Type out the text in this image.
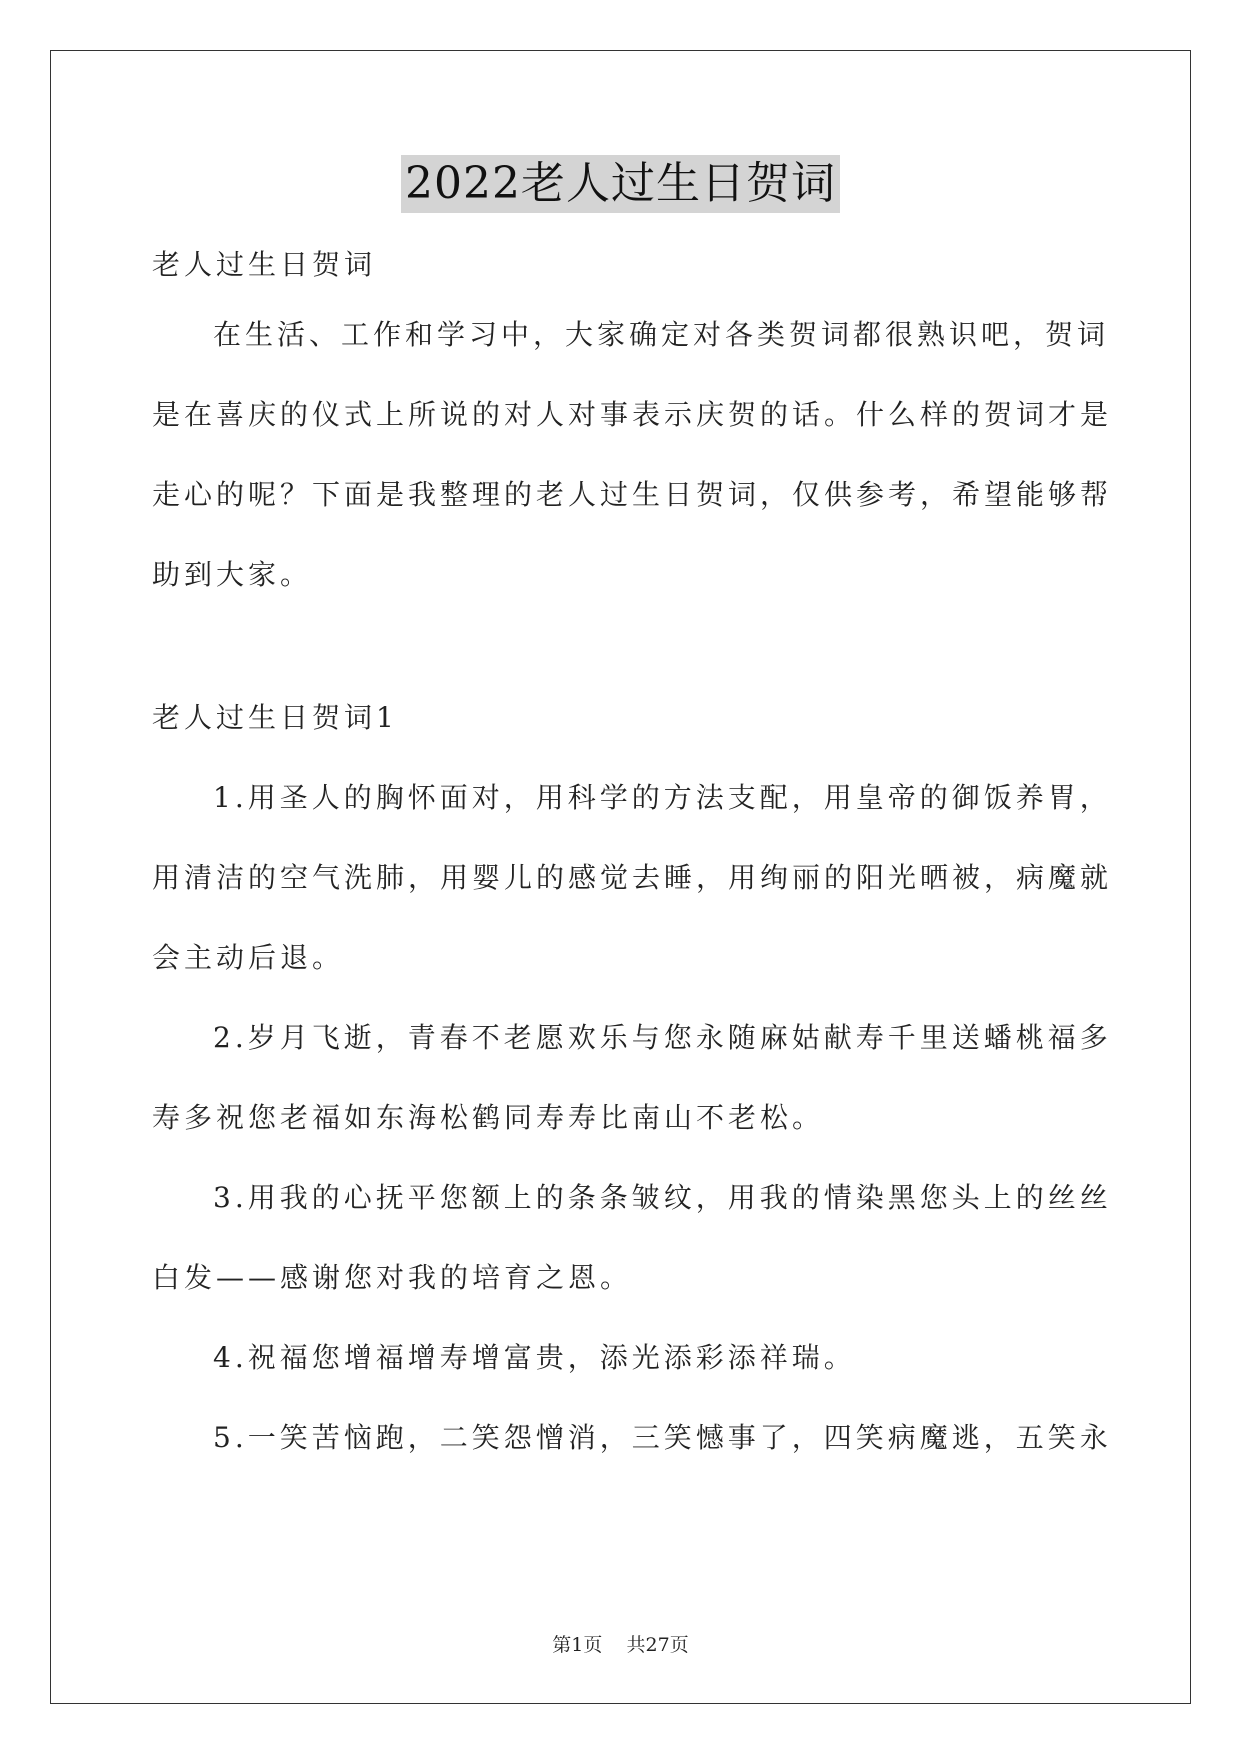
2022老人过生日贺词
老人过生日贺词
在生活、工作和学习中，大家确定对各类贺词都很熟识吧，贺词
是在喜庆的仪式上所说的对人对事表示庆贺的话。什么样的贺词才是
走心的呢？下面是我整理的老人过生日贺词，仅供参考，希望能够帮
助到大家。
老人过生日贺词1
1.用圣人的胸怀面对，用科学的方法支配，用皇帝的御饭养胃，
用清洁的空气洗肺，用婴儿的感觉去睡，用绚丽的阳光晒被，病魔就
会主动后退。
2.岁月飞逝，青春不老愿欢乐与您永随麻姑献寿千里送蟠桃福多
寿多祝您老福如东海松鹤同寿寿比南山不老松。
3.用我的心抚平您额上的条条皱纹，用我的情染黑您头上的丝丝
白发——感谢您对我的培育之恩。
4.祝福您增福增寿增富贵，添光添彩添祥瑞。
5.一笑苦恼跑，二笑怨憎消，三笑憾事了，四笑病魔逃，五笑永
第1页 共27页
